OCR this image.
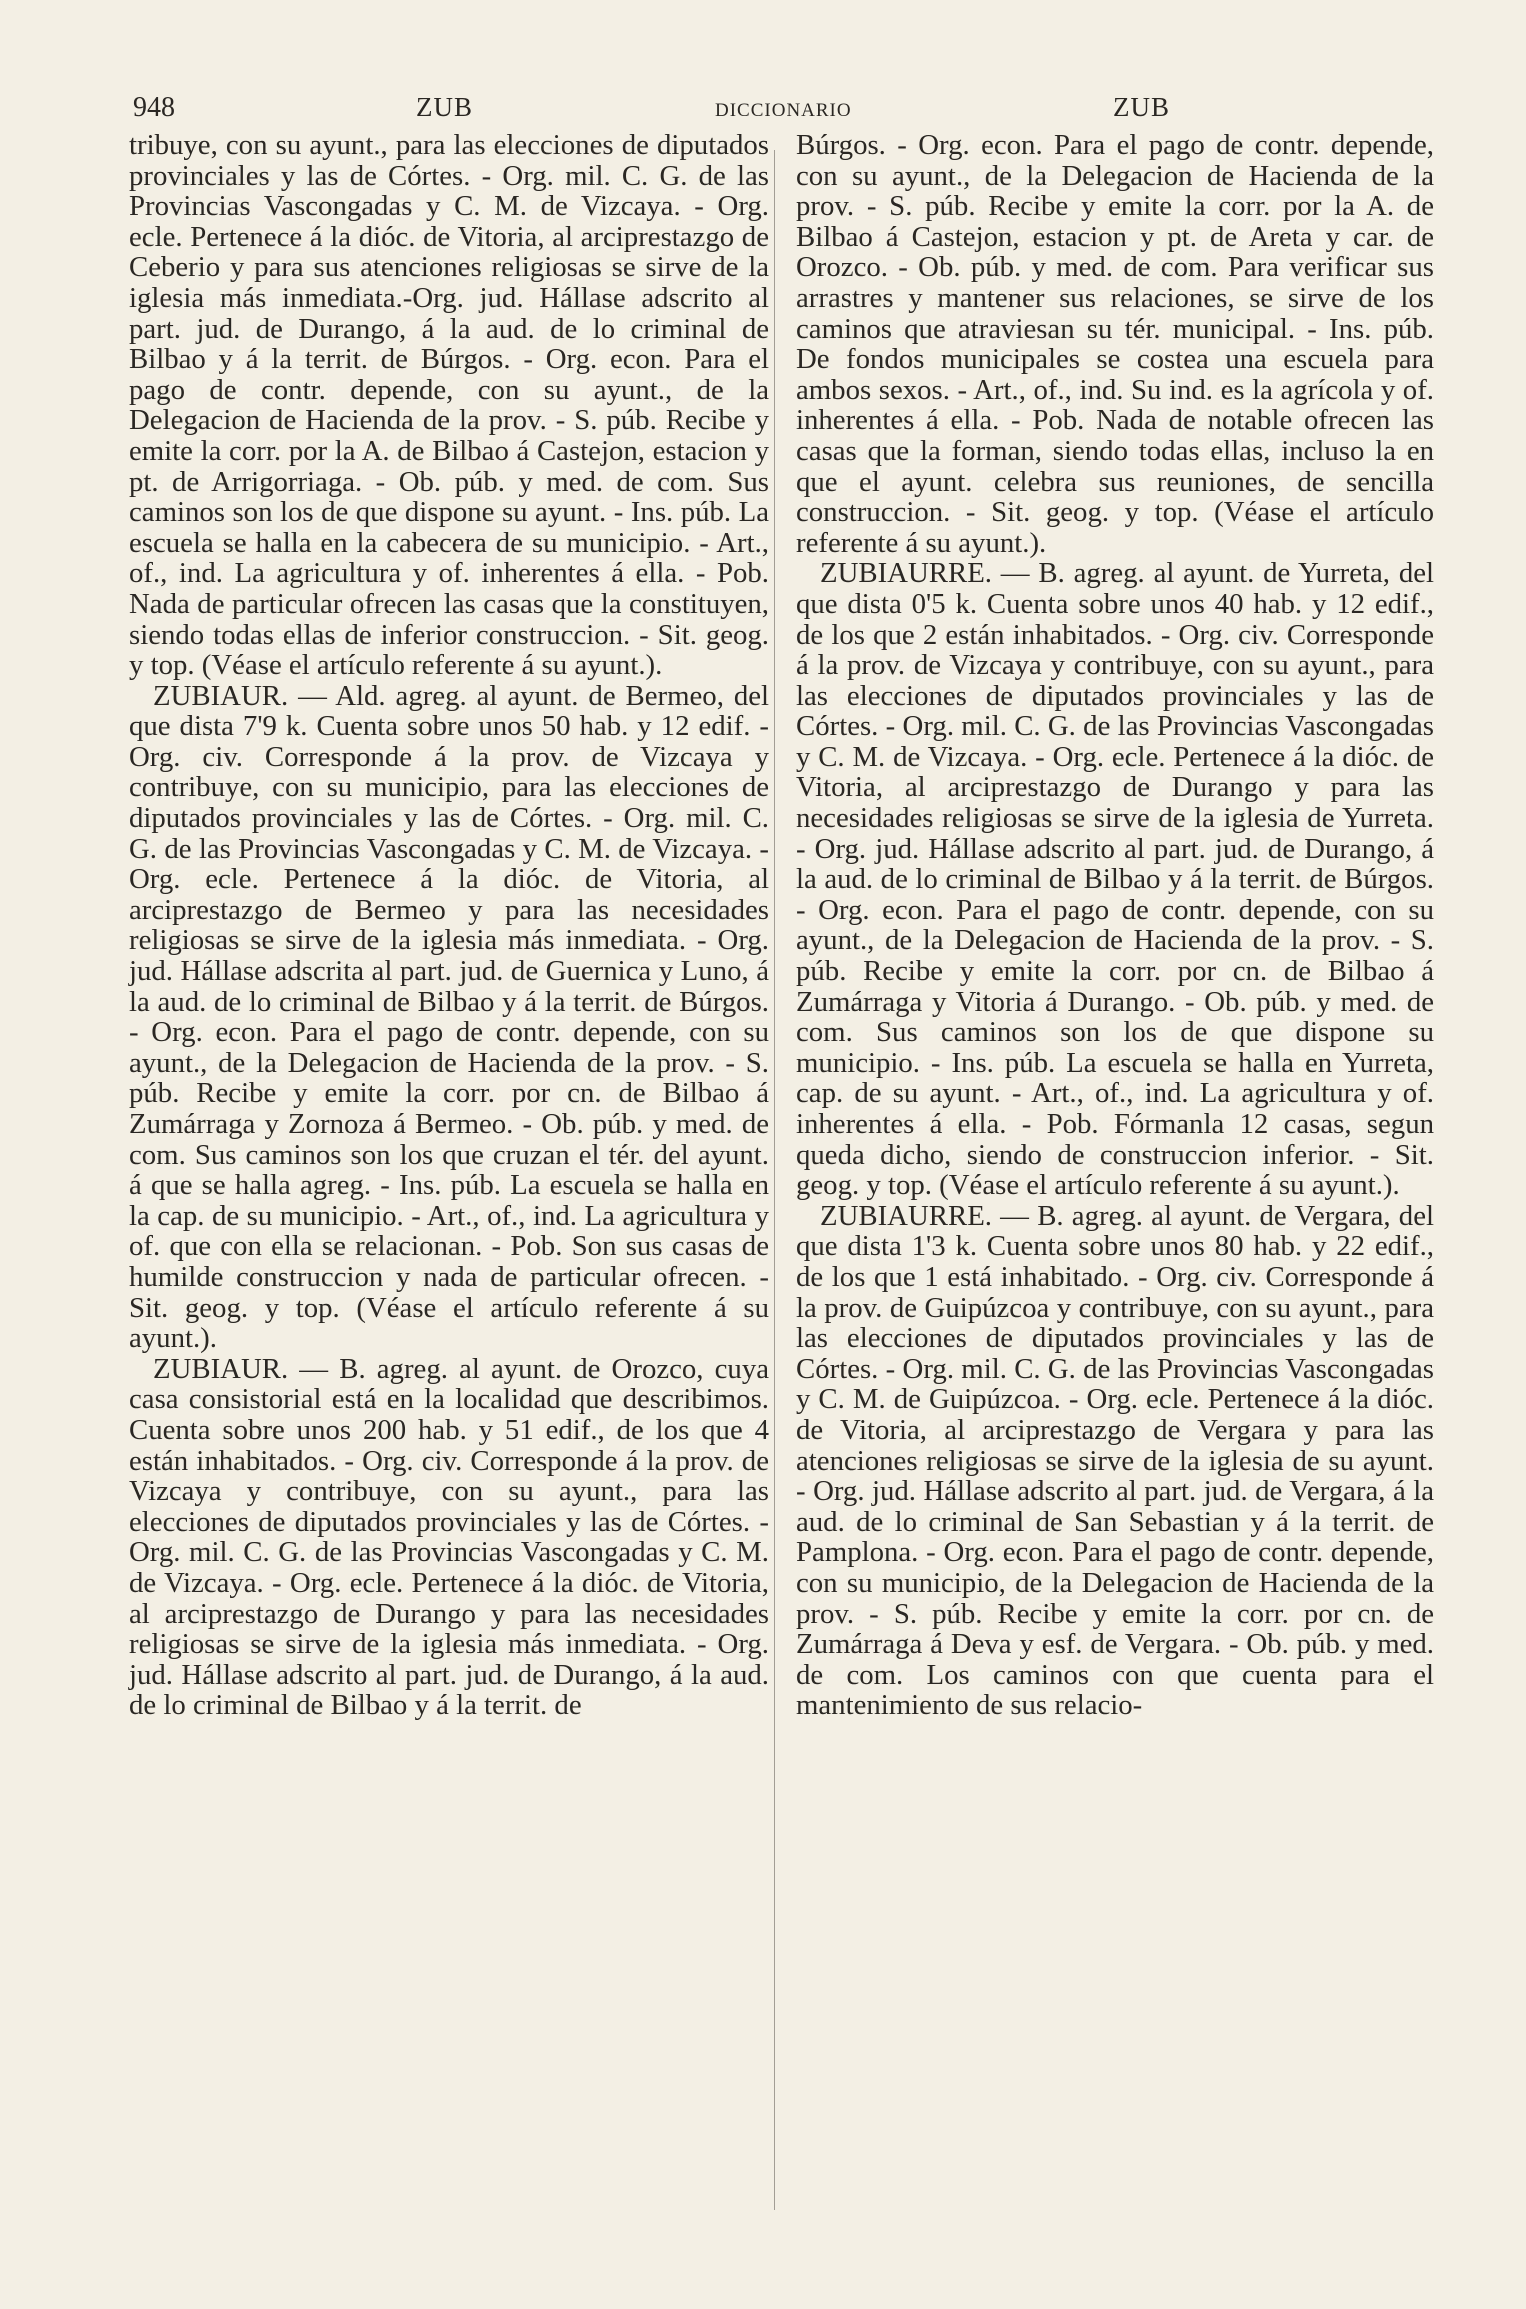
948	ZUB	DICCIONARIO	ZUB

tribuye, con su ayunt., para las elecciones de diputados provinciales y las de Córtes. - Org. mil. C. G. de las Provincias Vascongadas y C. M. de Vizcaya. - Org. ecle. Pertenece á la dióc. de Vitoria, al arciprestazgo de Ceberio y para sus atenciones religiosas se sirve de la iglesia más inmediata.-Org. jud. Hállase adscrito al part. jud. de Durango, á la aud. de lo criminal de Bilbao y á la territ. de Búrgos. - Org. econ. Para el pago de contr. depende, con su ayunt., de la Delegacion de Hacienda de la prov. - S. púb. Recibe y emite la corr. por la A. de Bilbao á Castejon, estacion y pt. de Arrigorriaga. - Ob. púb. y med. de com. Sus caminos son los de que dispone su ayunt. - Ins. púb. La escuela se halla en la cabecera de su municipio. - Art., of., ind. La agricultura y of. inherentes á ella. - Pob. Nada de particular ofrecen las casas que la constituyen, siendo todas ellas de inferior construccion. - Sit. geog. y top. (Véase el artículo referente á su ayunt.).

ZUBIAUR. — Ald. agreg. al ayunt. de Bermeo, del que dista 7'9 k. Cuenta sobre unos 50 hab. y 12 edif. - Org. civ. Corresponde á la prov. de Vizcaya y contribuye, con su municipio, para las elecciones de diputados provinciales y las de Córtes. - Org. mil. C. G. de las Provincias Vascongadas y C. M. de Vizcaya. - Org. ecle. Pertenece á la dióc. de Vitoria, al arciprestazgo de Bermeo y para las necesidades religiosas se sirve de la iglesia más inmediata. - Org. jud. Hállase adscrita al part. jud. de Guernica y Luno, á la aud. de lo criminal de Bilbao y á la territ. de Búrgos. - Org. econ. Para el pago de contr. depende, con su ayunt., de la Delegacion de Hacienda de la prov. - S. púb. Recibe y emite la corr. por cn. de Bilbao á Zumárraga y Zornoza á Bermeo. - Ob. púb. y med. de com. Sus caminos son los que cruzan el tér. del ayunt. á que se halla agreg. - Ins. púb. La escuela se halla en la cap. de su municipio. - Art., of., ind. La agricultura y of. que con ella se relacionan. - Pob. Son sus casas de humilde construccion y nada de particular ofrecen. - Sit. geog. y top. (Véase el artículo referente á su ayunt.).

ZUBIAUR. — B. agreg. al ayunt. de Orozco, cuya casa consistorial está en la localidad que describimos. Cuenta sobre unos 200 hab. y 51 edif., de los que 4 están inhabitados. - Org. civ. Corresponde á la prov. de Vizcaya y contribuye, con su ayunt., para las elecciones de diputados provinciales y las de Córtes. - Org. mil. C. G. de las Provincias Vascongadas y C. M. de Vizcaya. - Org. ecle. Pertenece á la dióc. de Vitoria, al arciprestazgo de Durango y para las necesidades religiosas se sirve de la iglesia más inmediata. - Org. jud. Hállase adscrito al part. jud. de Durango, á la aud. de lo criminal de Bilbao y á la territ. de

Búrgos. - Org. econ. Para el pago de contr. depende, con su ayunt., de la Delegacion de Hacienda de la prov. - S. púb. Recibe y emite la corr. por la A. de Bilbao á Castejon, estacion y pt. de Areta y car. de Orozco. - Ob. púb. y med. de com. Para verificar sus arrastres y mantener sus relaciones, se sirve de los caminos que atraviesan su tér. municipal. - Ins. púb. De fondos municipales se costea una escuela para ambos sexos. - Art., of., ind. Su ind. es la agrícola y of. inherentes á ella. - Pob. Nada de notable ofrecen las casas que la forman, siendo todas ellas, incluso la en que el ayunt. celebra sus reuniones, de sencilla construccion. - Sit. geog. y top. (Véase el artículo referente á su ayunt.).

ZUBIAURRE. — B. agreg. al ayunt. de Yurreta, del que dista 0'5 k. Cuenta sobre unos 40 hab. y 12 edif., de los que 2 están inhabitados. - Org. civ. Corresponde á la prov. de Vizcaya y contribuye, con su ayunt., para las elecciones de diputados provinciales y las de Córtes. - Org. mil. C. G. de las Provincias Vascongadas y C. M. de Vizcaya. - Org. ecle. Pertenece á la dióc. de Vitoria, al arciprestazgo de Durango y para las necesidades religiosas se sirve de la iglesia de Yurreta. - Org. jud. Hállase adscrito al part. jud. de Durango, á la aud. de lo criminal de Bilbao y á la territ. de Búrgos. - Org. econ. Para el pago de contr. depende, con su ayunt., de la Delegacion de Hacienda de la prov. - S. púb. Recibe y emite la corr. por cn. de Bilbao á Zumárraga y Vitoria á Durango. - Ob. púb. y med. de com. Sus caminos son los de que dispone su municipio. - Ins. púb. La escuela se halla en Yurreta, cap. de su ayunt. - Art., of., ind. La agricultura y of. inherentes á ella. - Pob. Fórmanla 12 casas, segun queda dicho, siendo de construccion inferior. - Sit. geog. y top. (Véase el artículo referente á su ayunt.).

ZUBIAURRE. — B. agreg. al ayunt. de Vergara, del que dista 1'3 k. Cuenta sobre unos 80 hab. y 22 edif., de los que 1 está inhabitado. - Org. civ. Corresponde á la prov. de Guipúzcoa y contribuye, con su ayunt., para las elecciones de diputados provinciales y las de Córtes. - Org. mil. C. G. de las Provincias Vascongadas y C. M. de Guipúzcoa. - Org. ecle. Pertenece á la dióc. de Vitoria, al arciprestazgo de Vergara y para las atenciones religiosas se sirve de la iglesia de su ayunt. - Org. jud. Hállase adscrito al part. jud. de Vergara, á la aud. de lo criminal de San Sebastian y á la territ. de Pamplona. - Org. econ. Para el pago de contr. depende, con su municipio, de la Delegacion de Hacienda de la prov. - S. púb. Recibe y emite la corr. por cn. de Zumárraga á Deva y esf. de Vergara. - Ob. púb. y med. de com. Los caminos con que cuenta para el mantenimiento de sus relacio-
